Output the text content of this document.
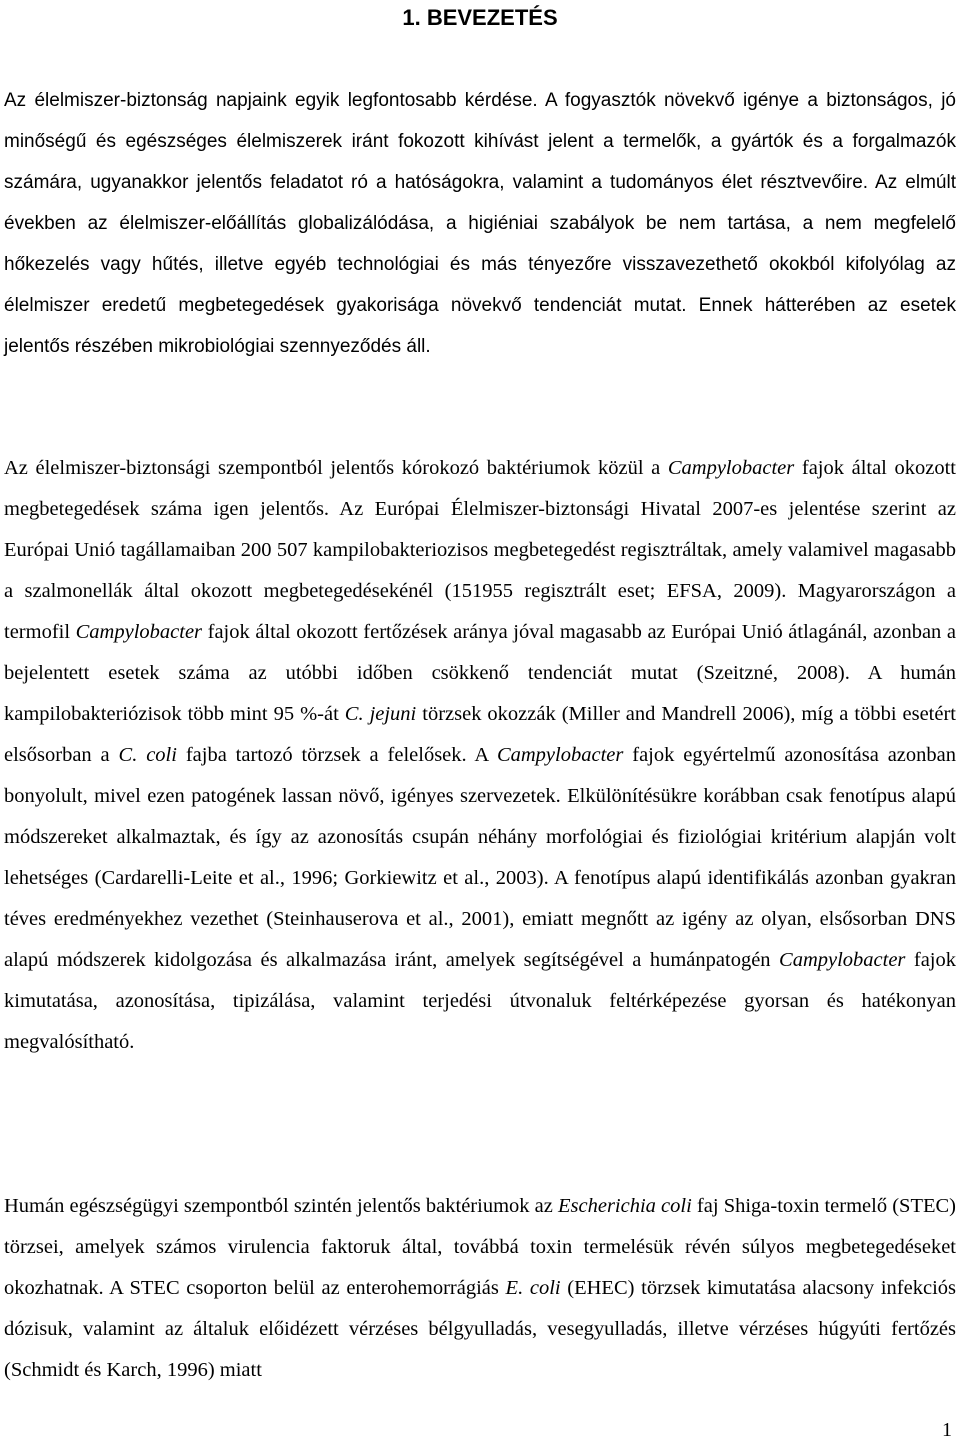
1. BEVEZETÉS

Az élelmiszer-biztonság napjaink egyik legfontosabb kérdése. A fogyasztók növekvő igénye a biztonságos, jó minőségű és egészséges élelmiszerek iránt fokozott kihívást jelent a termelők, a gyártók és a forgalmazók számára, ugyanakkor jelentős feladatot ró a hatóságokra, valamint a tudományos élet résztvevőire. Az elmúlt években az élelmiszer-előállítás globalizálódása, a higiéniai szabályok be nem tartása, a nem megfelelő hőkezelés vagy hűtés, illetve egyéb technológiai és más tényezőre visszavezethető okokból kifolyólag az élelmiszer eredetű megbetegedések gyakorisága növekvő tendenciát mutat. Ennek hátterében az esetek jelentős részében mikrobiológiai szennyeződés áll.

Az élelmiszer-biztonsági szempontból jelentős kórokozó baktériumok közül a Campylobacter fajok által okozott megbetegedések száma igen jelentős. Az Európai Élelmiszer-biztonsági Hivatal 2007-es jelentése szerint az Európai Unió tagállamaiban 200 507 kampilobakteriozisos megbetegedést regisztráltak, amely valamivel magasabb a szalmonellák által okozott megbetegedésekénél (151955 regisztrált eset; EFSA, 2009). Magyarországon a termofil Campylobacter fajok által okozott fertőzések aránya jóval magasabb az Európai Unió átlagánál, azonban a bejelentett esetek száma az utóbbi időben csökkenő tendenciát mutat (Szeitzné, 2008). A humán kampilobakteriózisok több mint 95 %-át C. jejuni törzsek okozzák (Miller and Mandrell 2006), míg a többi esetért elsősorban a C. coli fajba tartozó törzsek a felelősek. A Campylobacter fajok egyértelmű azonosítása azonban bonyolult, mivel ezen patogének lassan növő, igényes szervezetek. Elkülönítésükre korábban csak fenotípus alapú módszereket alkalmaztak, és így az azonosítás csupán néhány morfológiai és fiziológiai kritérium alapján volt lehetséges (Cardarelli-Leite et al., 1996; Gorkiewitz et al., 2003). A fenotípus alapú identifikálás azonban gyakran téves eredményekhez vezethet (Steinhauserova et al., 2001), emiatt megnőtt az igény az olyan, elsősorban DNS alapú módszerek kidolgozása és alkalmazása iránt, amelyek segítségével a humánpatogén Campylobacter fajok kimutatása, azonosítása, tipizálása, valamint terjedési útvonaluk feltérképezése gyorsan és hatékonyan megvalósítható.

Humán egészségügyi szempontból szintén jelentős baktériumok az Escherichia coli faj Shiga-toxin termelő (STEC) törzsei, amelyek számos virulencia faktoruk által, továbbá toxin termelésük révén súlyos megbetegedéseket okozhatnak. A STEC csoporton belül az enterohemorrágiás E. coli (EHEC) törzsek kimutatása alacsony infekciós dózisuk, valamint az általuk előidézett vérzéses bélgyulladás, vesegyulladás, illetve vérzéses húgyúti fertőzés (Schmidt és Karch, 1996) miatt

1
